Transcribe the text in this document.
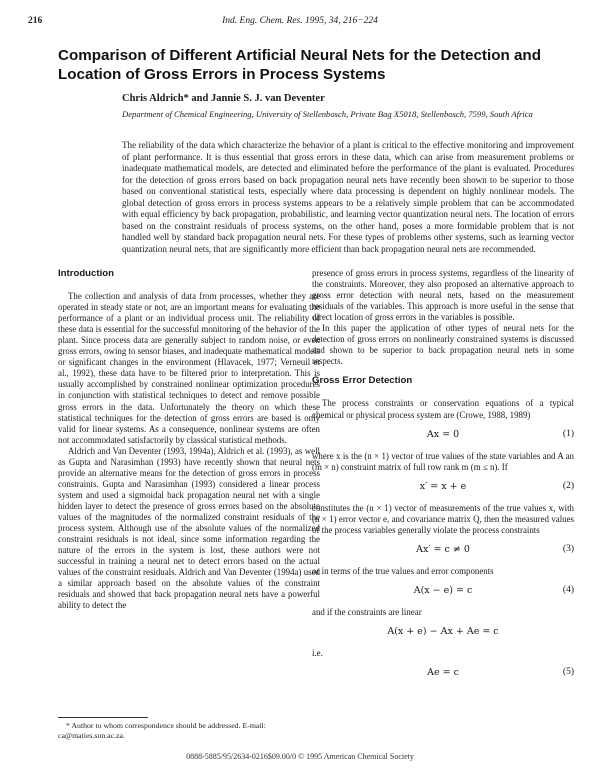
216	Ind. Eng. Chem. Res. 1995, 34, 216−224
Comparison of Different Artificial Neural Nets for the Detection and Location of Gross Errors in Process Systems
Chris Aldrich* and Jannie S. J. van Deventer
Department of Chemical Engineering, University of Stellenbosch, Private Bag X5018, Stellenbosch, 7599, South Africa

The reliability of the data which characterize the behavior of a plant is critical to the effective monitoring and improvement of plant performance. It is thus essential that gross errors in these data, which can arise from measurement problems or inadequate mathematical models, are detected and eliminated before the performance of the plant is evaluated. Procedures for the detection of gross errors based on back propagation neural nets have recently been shown to be superior to those based on conventional statistical tests, especially where data processing is dependent on highly nonlinear models. The global detection of gross errors in process systems appears to be a relatively simple problem that can be accommodated with equal efficiency by back propagation, probabilistic, and learning vector quantization neural nets. The location of errors based on the constraint residuals of process systems, on the other hand, poses a more formidable problem that is not handled well by standard back propagation neural nets. For these types of problems other systems, such as learning vector quantization neural nets, that are significantly more efficient than back propagation neural nets are recommended.

Introduction

The collection and analysis of data from processes, whether they are operated in steady state or not, are an important means for evaluating the performance of a plant or an individual process unit. The reliability of these data is essential for the successful monitoring of the behavior of the plant. Since process data are generally subject to random noise, or even gross errors, owing to sensor biases, and inadequate mathematical models or significant changes in the environment (Hlavacek, 1977; Verneuil et al., 1992), these data have to be filtered prior to interpretation. This is usually accomplished by constrained nonlinear optimization procedures in conjunction with statistical techniques to detect and remove possible gross errors in the data. Unfortunately the theory on which these statistical techniques for the detection of gross errors are based is only valid for linear systems. As a consequence, nonlinear systems are often not accommodated satisfactorily by classical statistical methods.

Aldrich and Van Deventer (1993, 1994a), Aldrich et al. (1993), as well as Gupta and Narasimhan (1993) have recently shown that neural nets provide an alternative means for the detection of gross errors in process constraints. Gupta and Narasimhan (1993) considered a linear process system and used a sigmoidal back propagation neural net with a single hidden layer to detect the presence of gross errors based on the absolute values of the magnitudes of the normalized constraint residuals of the process system. Although use of the absolute values of the normalized constraint residuals is not ideal, since some information regarding the nature of the errors in the system is lost, these authors were not successful in training a neural net to detect errors based on the actual values of the constraint residuals. Aldrich and Van Deventer (1994a) used a similar approach based on the absolute values of the constraint residuals and showed that back propagation neural nets have a powerful ability to detect the

presence of gross errors in process systems, regardless of the linearity of the constraints. Moreover, they also proposed an alternative approach to gross error detection with neural nets, based on the measurement residuals of the variables. This approach is more useful in the sense that direct location of gross errors in the variables is possible.

In this paper the application of other types of neural nets for the detection of gross errors on nonlinearly constrained systems is discussed and shown to be superior to back propagation neural nets in some respects.

Gross Error Detection

The process constraints or conservation equations of a typical chemical or physical process system are (Crowe, 1988, 1989)

Ax = 0	(1)

where x is the (n × 1) vector of true values of the state variables and A an (m × n) constraint matrix of full row rank m (m ≤ n). If

x′ = x + e	(2)

constitutes the (n × 1) vector of measurements of the true values x, with (n × 1) error vector e, and covariance matrix Q, then the measured values of the process variables generally violate the process constraints

Ax′ = c ≠ 0	(3)

or in terms of the true values and error components

A(x − e) = c	(4)

and if the constraints are linear

A(x + e) − Ax + Ae = c

i.e.

Ae = c	(5)
* Author to whom correspondence should be addressed. E-mail: ca@maties.sun.ac.za.
0888-5885/95/2634-0216$09.00/0 © 1995 American Chemical Society
